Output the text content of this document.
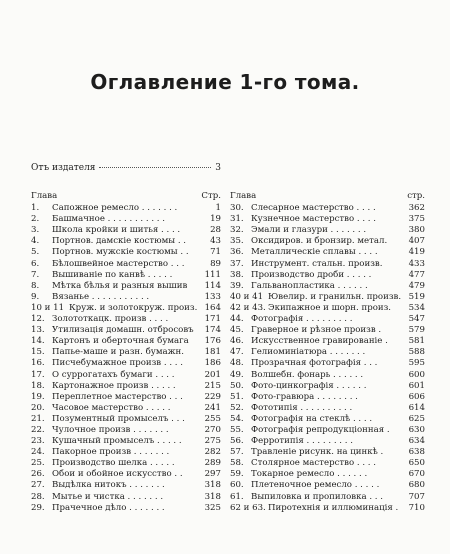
Оглавление 1-го тома.
Отъ издателя	3
Глава	Стр.
1.	Сапожное ремесло . . . . . . .	1
2.	Башмачное . . . . . . . . . . .	19
3.	Школа кройки и шитья . . . .	28
4.	Портнов. дамскіе костюмы . .	43
5.	Портнов. мужскіе костюмы . .	71
6.	Бѣлошвейное мастерство . . .	89
7.	Вышиваніе по канвѣ . . . . .	111
8.	Мѣтка бѣлья и разныя вышив	114
9.	Вязанье . . . . . . . . . . .	133
10 и 11 Круж. и золотокруж. произ. 164
12. Золототкацк. произв . . . .	171
13. Утилизація домашн. отбросовъ	174
14. Картонъ и оберточная бумага	176
15. Папье-маше и разн. бумажн.	181
16. Писчебумажное произв . . . .	186
17. О суррогатахъ бумаги . . . .	201
18. Картонажное произв . . . . .	215
19. Переплетное мастерство . . .	229
20. Часовое мастерство . . . . .	241
21. Позументный промыселъ . . .	255
22. Чулочное произв . . . . . . .	270
23. Кушачный промыселъ . . . . .	275
24. Пакорное произв . . . . . . .	282
25. Производство шелка . . . . .	289
26. Обои и обойное искусство . .	297
27. Выдѣлка нитокъ . . . . . . .	318
28. Мытье и чистка . . . . . . .	318
29. Прачечное дѣло . . . . . . .	325
Глава	стр.
30. Слесарное мастерство . . . .	362
31. Кузнечное мастерство . . . .	375
32. Эмали и глазури . . . . . . .	380
35. Оксидиров. и бронзир. метал.	407
36. Металлическіе сплавы . . . .	419
37. Инструмент. стальн. произв.	433
38. Производство дроби . . . . .	477
39. Гальванопластика . . . . . .	479
40 и 41 Ювелир. и гранильн. произв. 519
42 и 43. Экипажное и шорн. произ.	534
44. Фотографія . . . . . . . . .	547
45. Граверное и рѣзное произв .	579
46. Искусственное гравированіе .	581
47. Гелиоминіатюра . . . . . . .	588
48. Прозрачная фотографія . . .	595
49. Волшебн. фонарь . . . . . .	600
50. Фото-цинкографія . . . . . .	601
51. Фото-гравюра . . . . . . . .	606
52. Фототипія . . . . . . . . . .	614
54. Фотографія на стеклѣ . . . .	625
55. Фотографія репродукціонная .	630
56. Ферротипія . . . . . . . . .	634
57. Травленіе рисунк. на цинкѣ .	638
58. Столярное мастерство . . . .	650
59. Токарное ремесло . . . . . .	670
60. Плетеночное ремесло . . . . .	680
61. Выпиловка и пропиловка . . .	707
62 и 63. Пиротехнія и иллюминація .	710
